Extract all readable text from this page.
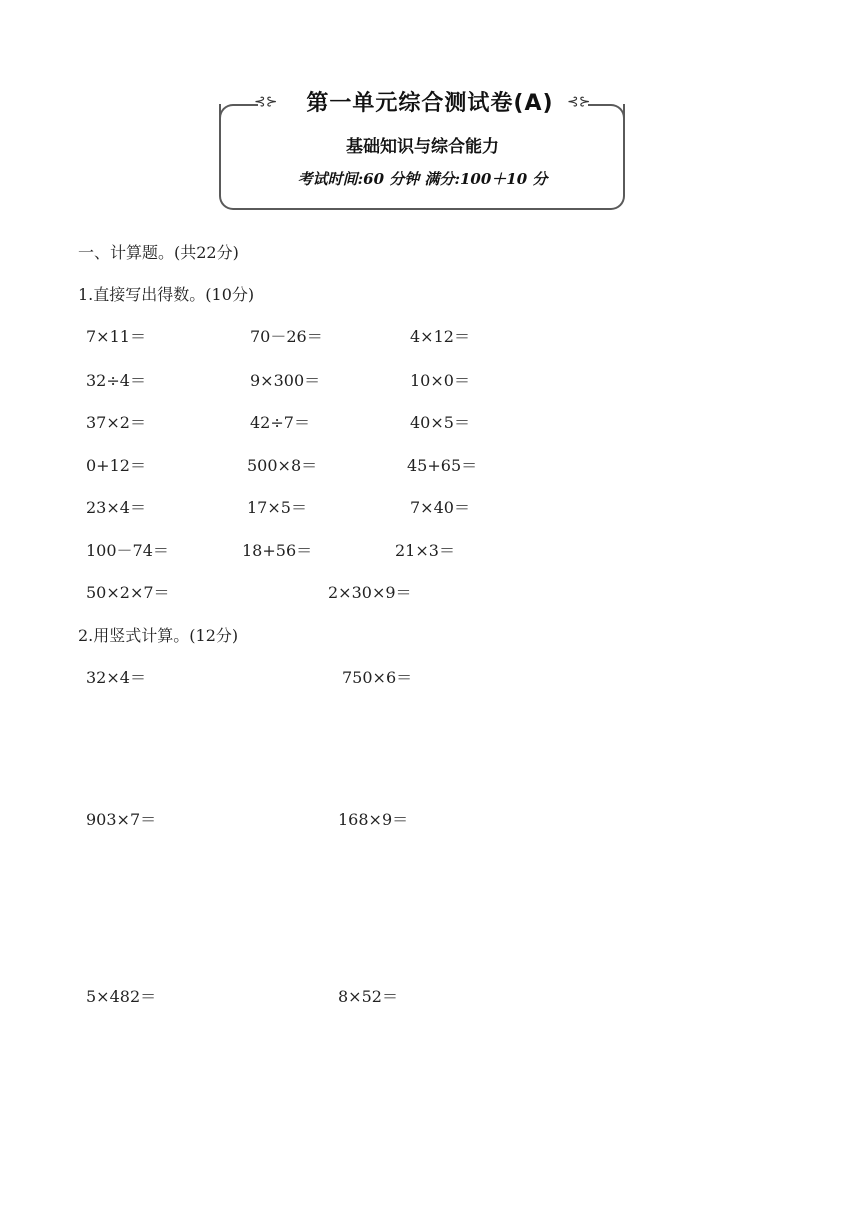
⊰⊱	⊰⊱
第一单元综合测试卷(A)
基础知识与综合能力
考试时间:60 分钟 满分:100＋10 分
一、计算题。(共22分)
1.直接写出得数。(10分)
7×11＝	70－26＝	4×12＝
32÷4＝	9×300＝	10×0＝
37×2＝	42÷7＝	40×5＝
0+12＝	500×8＝	45+65＝
23×4＝	17×5＝	7×40＝
100－74＝	18+56＝	21×3＝
50×2×7＝	2×30×9＝
2.用竖式计算。(12分)
32×4＝	750×6＝
903×7＝	168×9＝
5×482＝	8×52＝
